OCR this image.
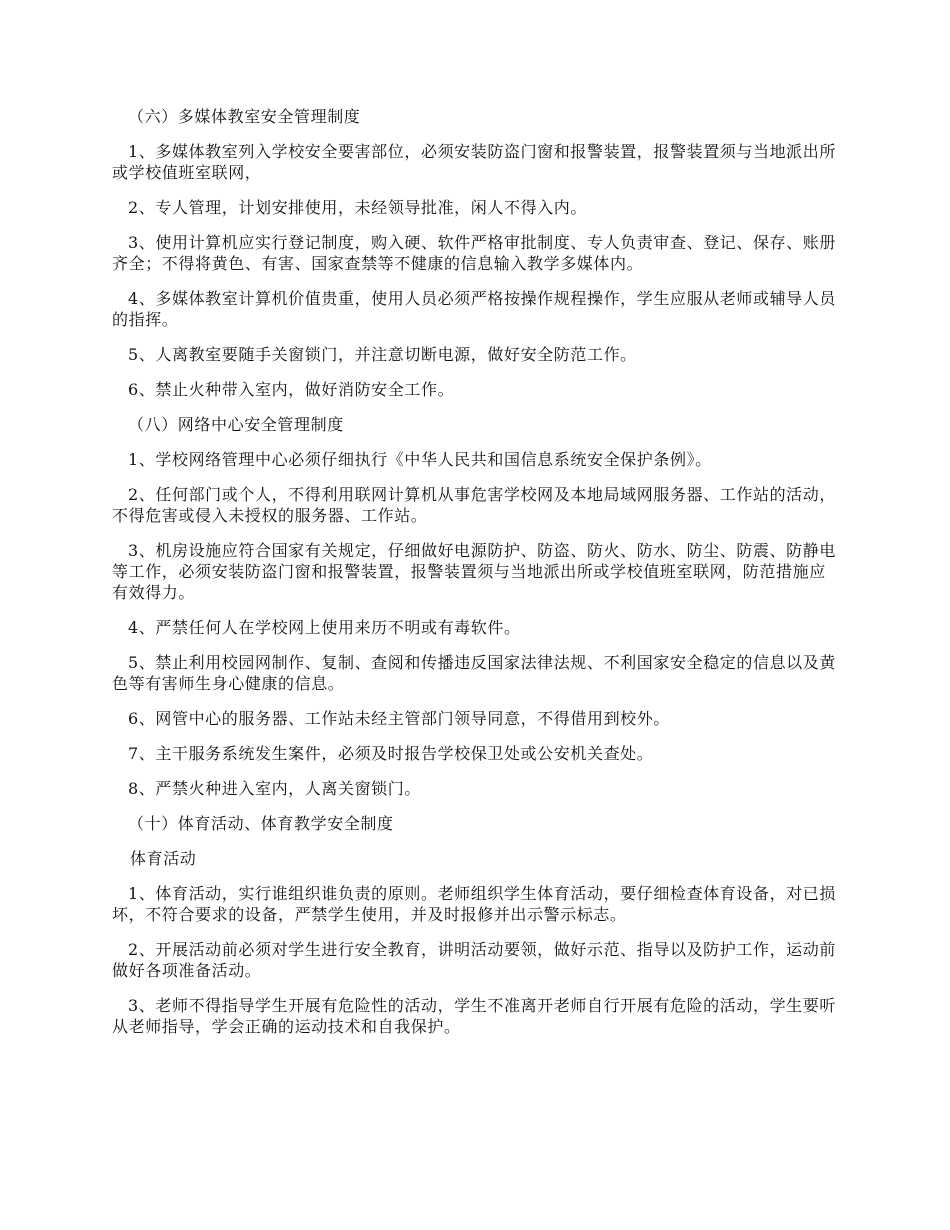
（六）多媒体教室安全管理制度

1、多媒体教室列入学校安全要害部位，必须安装防盗门窗和报警装置，报警装置须与当地派出所或学校值班室联网，

2、专人管理，计划安排使用，未经领导批准，闲人不得入内。

3、使用计算机应实行登记制度，购入硬、软件严格审批制度、专人负责审查、登记、保存、账册齐全；不得将黄色、有害、国家查禁等不健康的信息输入教学多媒体内。

4、多媒体教室计算机价值贵重，使用人员必须严格按操作规程操作，学生应服从老师或辅导人员的指挥。

5、人离教室要随手关窗锁门，并注意切断电源，做好安全防范工作。

6、禁止火种带入室内，做好消防安全工作。

（八）网络中心安全管理制度

1、学校网络管理中心必须仔细执行《中华人民共和国信息系统安全保护条例》。

2、任何部门或个人，不得利用联网计算机从事危害学校网及本地局域网服务器、工作站的活动，不得危害或侵入未授权的服务器、工作站。

3、机房设施应符合国家有关规定，仔细做好电源防护、防盗、防火、防水、防尘、防震、防静电等工作，必须安装防盗门窗和报警装置，报警装置须与当地派出所或学校值班室联网，防范措施应有效得力。

4、严禁任何人在学校网上使用来历不明或有毒软件。

5、禁止利用校园网制作、复制、查阅和传播违反国家法律法规、不利国家安全稳定的信息以及黄色等有害师生身心健康的信息。

6、网管中心的服务器、工作站未经主管部门领导同意，不得借用到校外。

7、主干服务系统发生案件，必须及时报告学校保卫处或公安机关查处。

8、严禁火种进入室内，人离关窗锁门。

（十）体育活动、体育教学安全制度

体育活动

1、体育活动，实行谁组织谁负责的原则。老师组织学生体育活动，要仔细检查体育设备，对已损坏，不符合要求的设备，严禁学生使用，并及时报修并出示警示标志。

2、开展活动前必须对学生进行安全教育，讲明活动要领，做好示范、指导以及防护工作，运动前做好各项准备活动。

3、老师不得指导学生开展有危险性的活动，学生不准离开老师自行开展有危险的活动，学生要听从老师指导，学会正确的运动技术和自我保护。
